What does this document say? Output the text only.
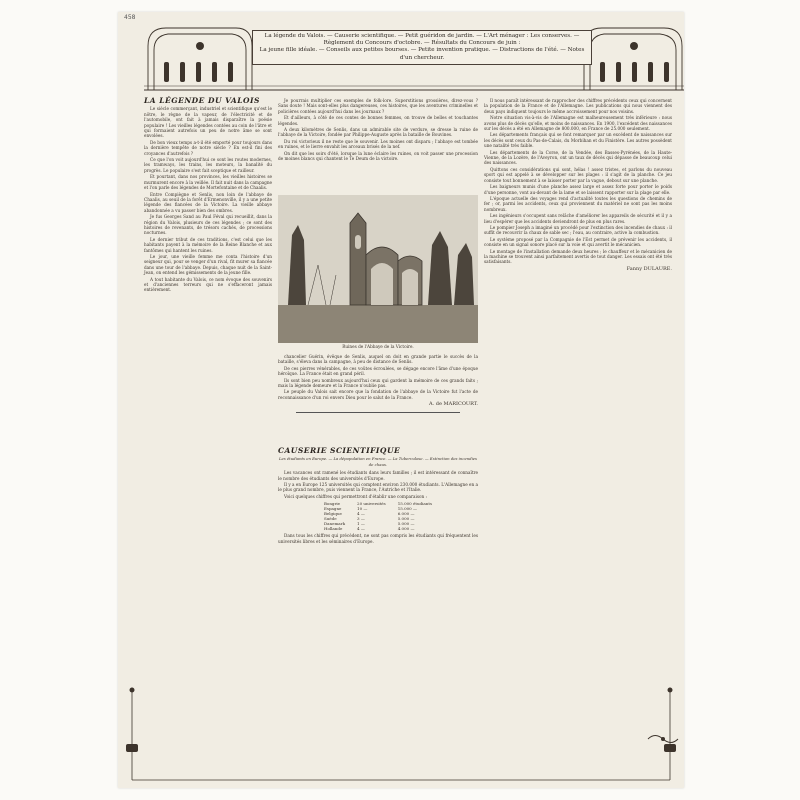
458
La légende du Valois. — Causerie scientifique. — Petit guéridon de jardin. — L'Art ménager : Les conserves. — Règlement du Concours d'octobre. — Résultats du Concours de juin :
La jeune fille idéale. — Conseils aux petites bourses. — Petite invention pratique. — Distractions de l'été. — Notes d'un chercheur.
LA LÉGENDE DU VALOIS

Le siècle commerçant, industriel et scientifique qu'est le nôtre, le règne de la vapeur, de l'électricité et de l'automobile, ont fait à jamais disparaître la poésie populaire ! Les vieilles légendes contées au coin de l'âtre et qui formaient autrefois un peu de notre âme se sont envolées.

De bon vieux temps a-t-il été emporté pour toujours dans la dernière tempête de notre siècle ? En est-il fini des croyances d'autrefois ?

Ce que l'on voit aujourd'hui ce sont les routes modernes, les tramways, les trains, les moteurs, la banalité du progrès. Le populaire s'est fait sceptique et railleur.

Et pourtant, dans nos provinces, les vieilles histoires se murmurent encore à la veillée. Il fait nuit dans la campagne et l'on parle des légendes de Mortefontaine et de Chaalis.

Entre Compiègne et Senlis, non loin de l'abbaye de Chaalis, au seuil de la forêt d'Ermenonville, il y a une petite légende des fiancées de la Victoire. La vieille abbaye abandonnée a vu passer bien des ombres.

Je fus Georges Sand au Paul Féval qui recueillit, dans la région du Valois, plusieurs de ces légendes ; ce sont des histoires de revenants, de trésors cachés, de processions nocturnes.

Le dernier tribut de ces traditions, c'est celui que les habitants payent à la mémoire de la Reine Blanche et aux fantômes qui hantent les ruines.

Le jour, une vieille femme me conta l'histoire d'un seigneur qui, pour se venger d'un rival, fit murer sa fiancée dans une tour de l'abbaye. Depuis, chaque nuit de la Saint-Jean, on entend les gémissements de la jeune fille.

A tout habitante du Valois, ce nom évoque des souvenirs et d'anciennes terreurs qui ne s'effaceront jamais entièrement.

Je pourrais multiplier ces exemples de folk-lore. Superstitions grossières, direz-vous ? Sans doute ! Mais sont-elles plus dangereuses, ces histoires, que les aventures criminelles et policières contées aujourd'hui dans les journaux ?

Et d'ailleurs, à côté de ces contes de bonnes femmes, on trouve de belles et touchantes légendes.

A deux kilomètres de Senlis, dans un admirable site de verdure, se dresse la ruine de l'abbaye de la Victoire, fondée par Philippe-Auguste après la bataille de Bouvines.

Du roi victorieux il ne reste que le souvenir. Les moines ont disparu ; l'abbaye est tombée en ruines, et le lierre envahit les arceaux brisés de la nef.

On dit que les soirs d'été, lorsque la lune éclaire les ruines, on voit passer une procession de moines blancs qui chantent le Te Deum de la victoire.

Ruines de l'Abbaye de la Victoire.

chancelier Guérin, évêque de Senlis, auquel on doit en grande partie le succès de la bataille, s'éleva dans la campagne, à peu de distance de Senlis.

De ces pierres vénérables, de ces voûtes écroulées, se dégage encore l'âme d'une époque héroïque. La France était en grand péril.

Ils sont bien peu nombreux aujourd'hui ceux qui gardent la mémoire de ces grands faits ; mais la légende demeure et la France n'oublie pas.

Le peuple du Valois sait encore que la fondation de l'abbaye de la Victoire fut l'acte de reconnaissance d'un roi envers Dieu pour le salut de la France.

A. de MARICOURT.
CAUSERIE SCIENTIFIQUE
Les étudiants en Europe. — La dépopulation en France. — La Tuberculose. — Extinction des incendies de chaux.

Les vacances ont ramené les étudiants dans leurs familles ; il est intéressant de connaître le nombre des étudiants des universités d'Europe.

Il y a en Europe 125 universités qui comptent environ 230.000 étudiants. L'Allemagne en a le plus grand nombre, puis viennent la France, l'Autriche et l'Italie.

Voici quelques chiffres qui permettront d'établir une comparaison :

Bongrie	20 universités	15.000 étudiants
Espagne	10 —	15.000 —
Belgique	4 —	6.000 —
Suède	3 —	5.000 —
Danemark	1 —	5.000 —
Hollande	4 —	4.000 —

Dans tous les chiffres qui précèdent, ne sont pas compris les étudiants qui fréquentent les universités libres et les séminaires d'Europe.

Il nous paraît intéressant de rapprocher des chiffres précédents ceux qui concernent la population de la France et de l'Allemagne. Les publications qui nous viennent des deux pays indiquent toujours le même accroissement pour nos voisins.

Notre situation vis-à-vis de l'Allemagne est malheureusement très inférieure : nous avons plus de décès qu'elle, et moins de naissances. En 1900, l'excédent des naissances sur les décès a été en Allemagne de 800.000, en France de 25.000 seulement.

Les départements français qui se font remarquer par un excédent de naissances sur les décès sont ceux du Pas-de-Calais, du Morbihan et du Finistère. Les autres possèdent une natalité très faible.

Les départements de la Corse, de la Vendée, des Basses-Pyrénées, de la Haute-Vienne, de la Lozère, de l'Aveyron, ont un taux de décès qui dépasse de beaucoup celui des naissances.

Quittons ces considérations qui sont, hélas ! assez tristes, et parlons du nouveau sport qui est appelé à se développer sur les plages : il s'agit de la planche. Ce jeu consiste tout bonnement à se laisser porter par la vague, debout sur une planche.

Les baigneurs munis d'une planche assez large et assez forte pour porter le poids d'une personne, vont au-devant de la lame et se laissent rapporter sur la plage par elle.

L'époque actuelle des voyages rend d'actualité toutes les questions de chemins de fer ; or, parmi les accidents, ceux qui proviennent du matériel ne sont pas les moins nombreux.

Les ingénieurs s'occupent sans relâche d'améliorer les appareils de sécurité et il y a lieu d'espérer que les accidents deviendront de plus en plus rares.

Le pompier Joseph a imaginé un procédé pour l'extinction des incendies de chaux : il suffit de recouvrir la chaux de sable sec ; l'eau, au contraire, active la combustion.

Le système proposé par la Compagnie de l'Est permet de prévenir les accidents, il consiste en un signal sonore placé sur la voie et qui avertit le mécanicien.

Le montage de l'installation demande deux heures ; le chauffeur et le mécanicien de la machine se trouvent ainsi parfaitement avertis de tout danger. Les essais ont été très satisfaisants.

Fanny DULAURE.
